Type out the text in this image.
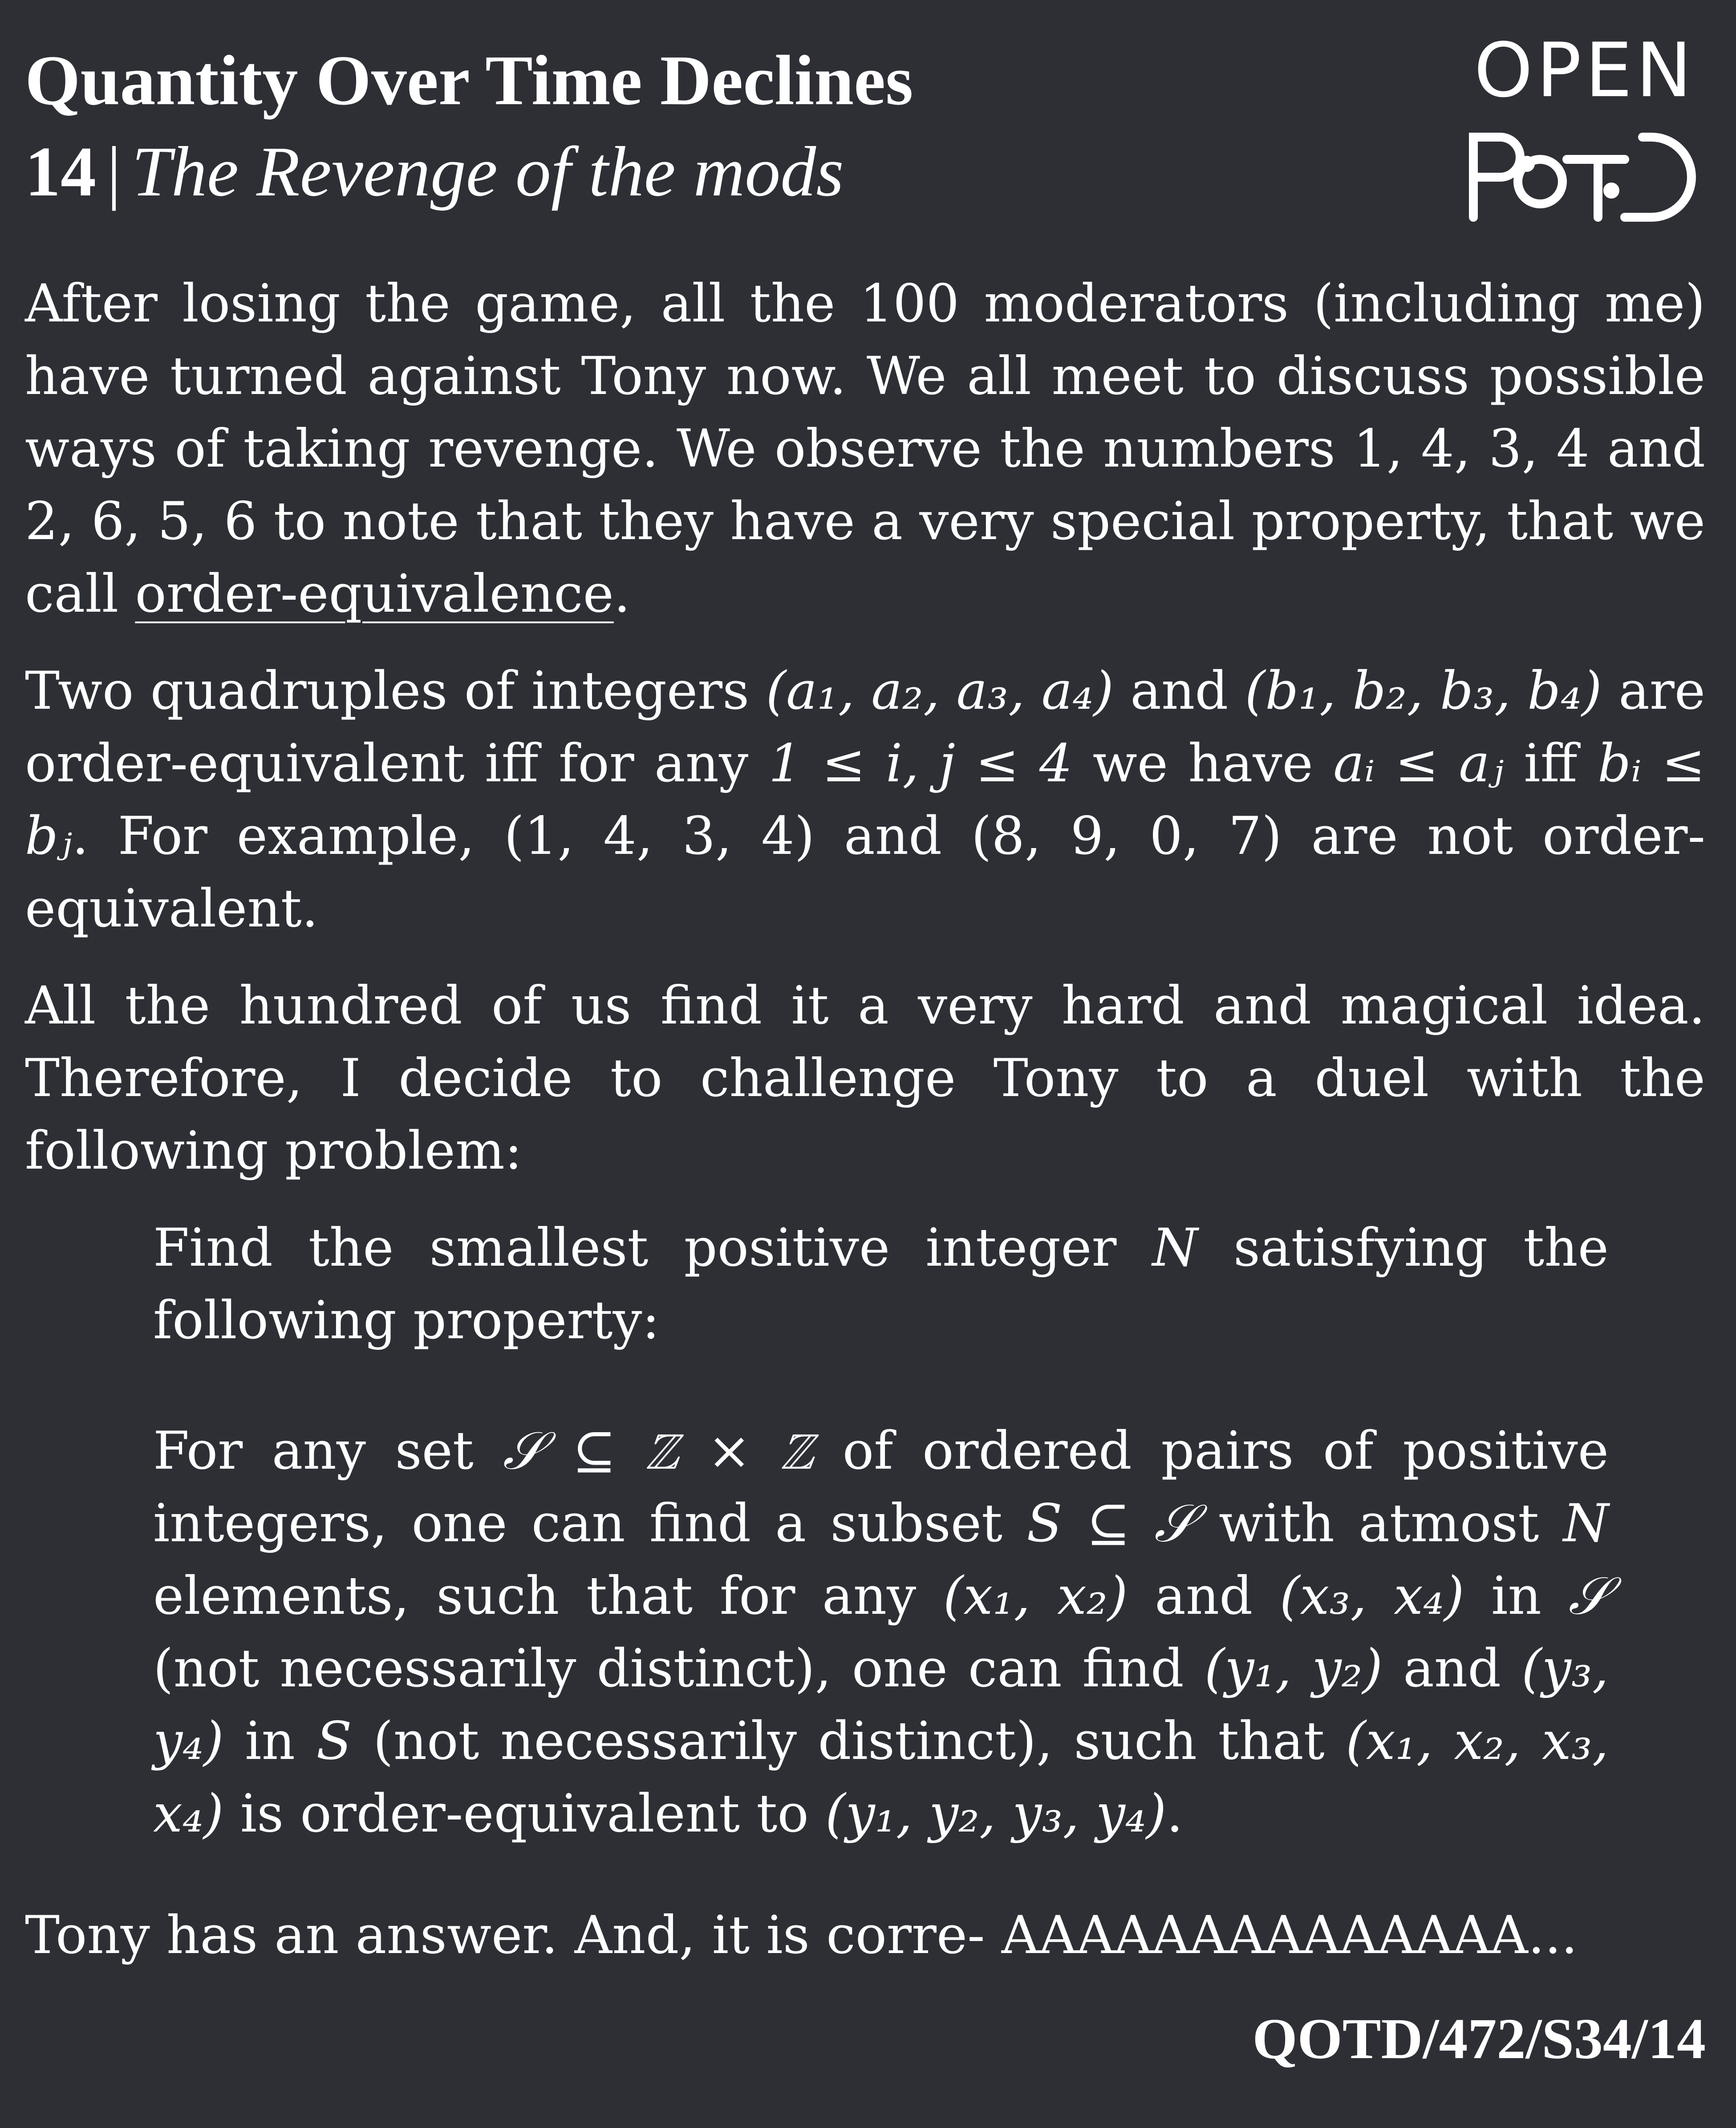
Quantity Over Time Declines
14 | The Revenge of the mods
OPEN

After losing the game, all the 100 moderators (including me) have turned against Tony now. We all meet to discuss possible ways of taking revenge. We observe the numbers 1, 4, 3, 4 and 2, 6, 5, 6 to note that they have a very special property, that we call order-equivalence.

Two quadruples of integers (a₁, a₂, a₃, a₄) and (b₁, b₂, b₃, b₄) are order-equivalent iff for any 1 ≤ i, j ≤ 4 we have aᵢ ≤ aⱼ iff bᵢ ≤ bⱼ. For example, (1, 4, 3, 4) and (8, 9, 0, 7) are not order-equivalent.

All the hundred of us find it a very hard and magical idea. Therefore, I decide to challenge Tony to a duel with the following problem:

Find the smallest positive integer N satisfying the following property:

For any set 𝒮 ⊆ ℤ × ℤ of ordered pairs of positive integers, one can find a subset S ⊆ 𝒮 with atmost N elements, such that for any (x₁, x₂) and (x₃, x₄) in 𝒮 (not necessarily distinct), one can find (y₁, y₂) and (y₃, y₄) in S (not necessarily distinct), such that (x₁, x₂, x₃, x₄) is order-equivalent to (y₁, y₂, y₃, y₄).

Tony has an answer. And, it is corre- AAAAAAAAAAAAAA...

QOTD/472/S34/14
